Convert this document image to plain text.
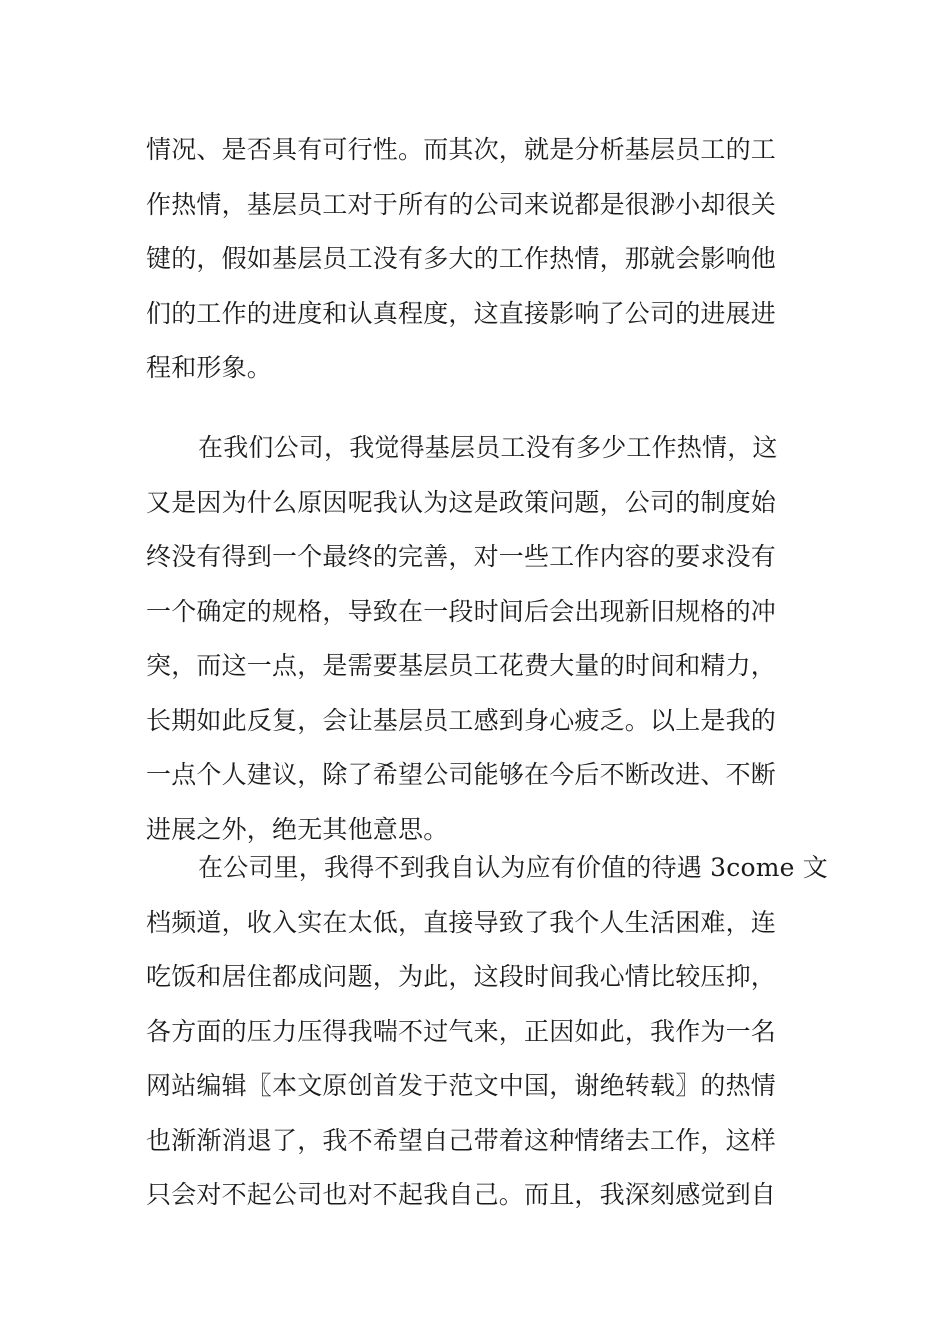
情况、是否具有可行性。而其次，就是分析基层员工的工
作热情，基层员工对于所有的公司来说都是很渺小却很关
键的，假如基层员工没有多大的工作热情，那就会影响他
们的工作的进度和认真程度，这直接影响了公司的进展进
程和形象。
在我们公司，我觉得基层员工没有多少工作热情，这
又是因为什么原因呢我认为这是政策问题，公司的制度始
终没有得到一个最终的完善，对一些工作内容的要求没有
一个确定的规格，导致在一段时间后会出现新旧规格的冲
突，而这一点，是需要基层员工花费大量的时间和精力，
长期如此反复，会让基层员工感到身心疲乏。以上是我的
一点个人建议，除了希望公司能够在今后不断改进、不断
进展之外，绝无其他意思。
在公司里，我得不到我自认为应有价值的待遇 3come 文
档频道，收入实在太低，直接导致了我个人生活困难，连
吃饭和居住都成问题，为此，这段时间我心情比较压抑，
各方面的压力压得我喘不过气来，正因如此，我作为一名
网站编辑〖本文原创首发于范文中国，谢绝转载〗的热情
也渐渐消退了，我不希望自己带着这种情绪去工作，这样
只会对不起公司也对不起我自己。而且，我深刻感觉到自
